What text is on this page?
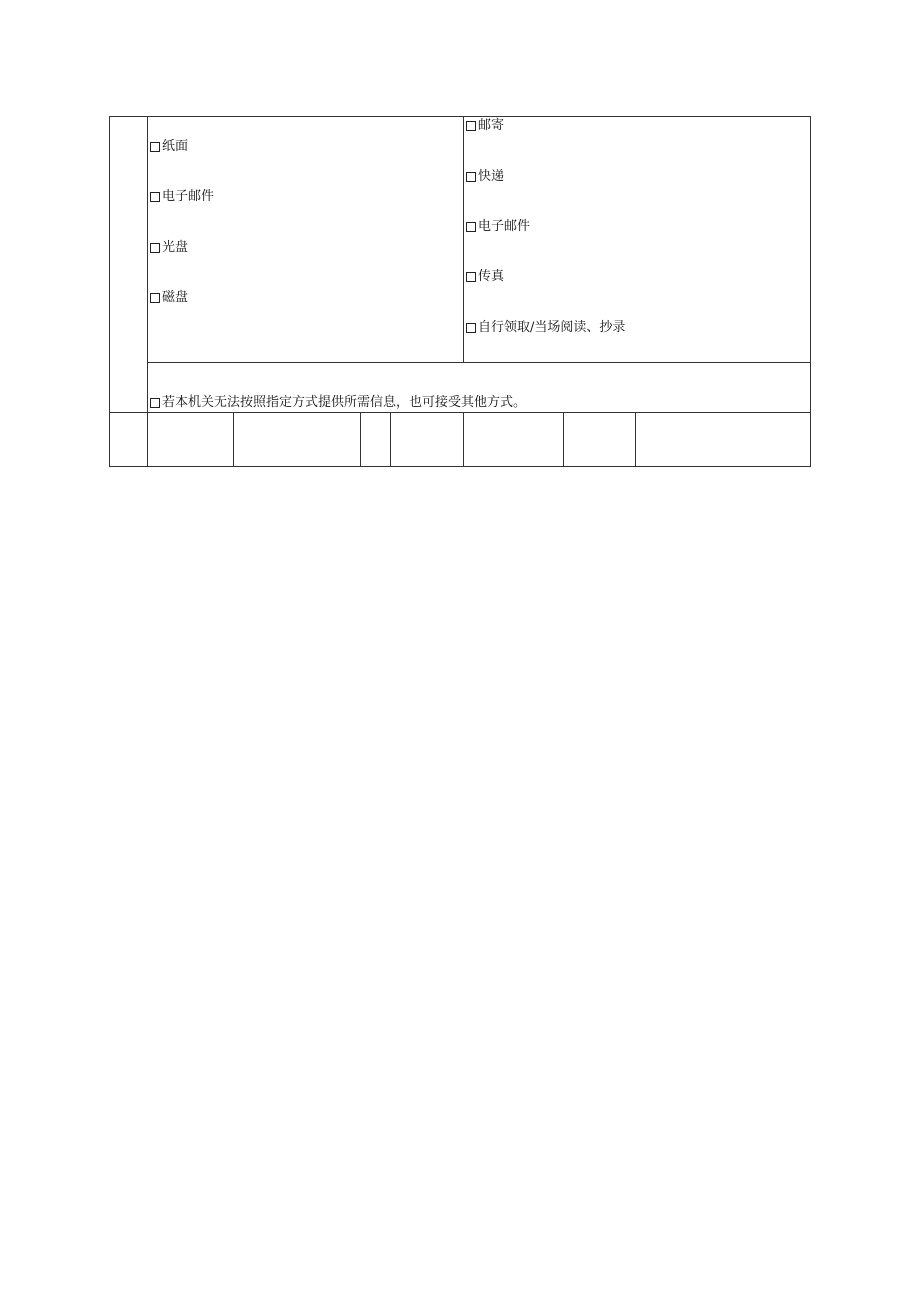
纸面
电子邮件
光盘
磁盘
邮寄
快递
电子邮件
传真
自行领取/当场阅读、抄录
若本机关无法按照指定方式提供所需信息，也可接受其他方式。
